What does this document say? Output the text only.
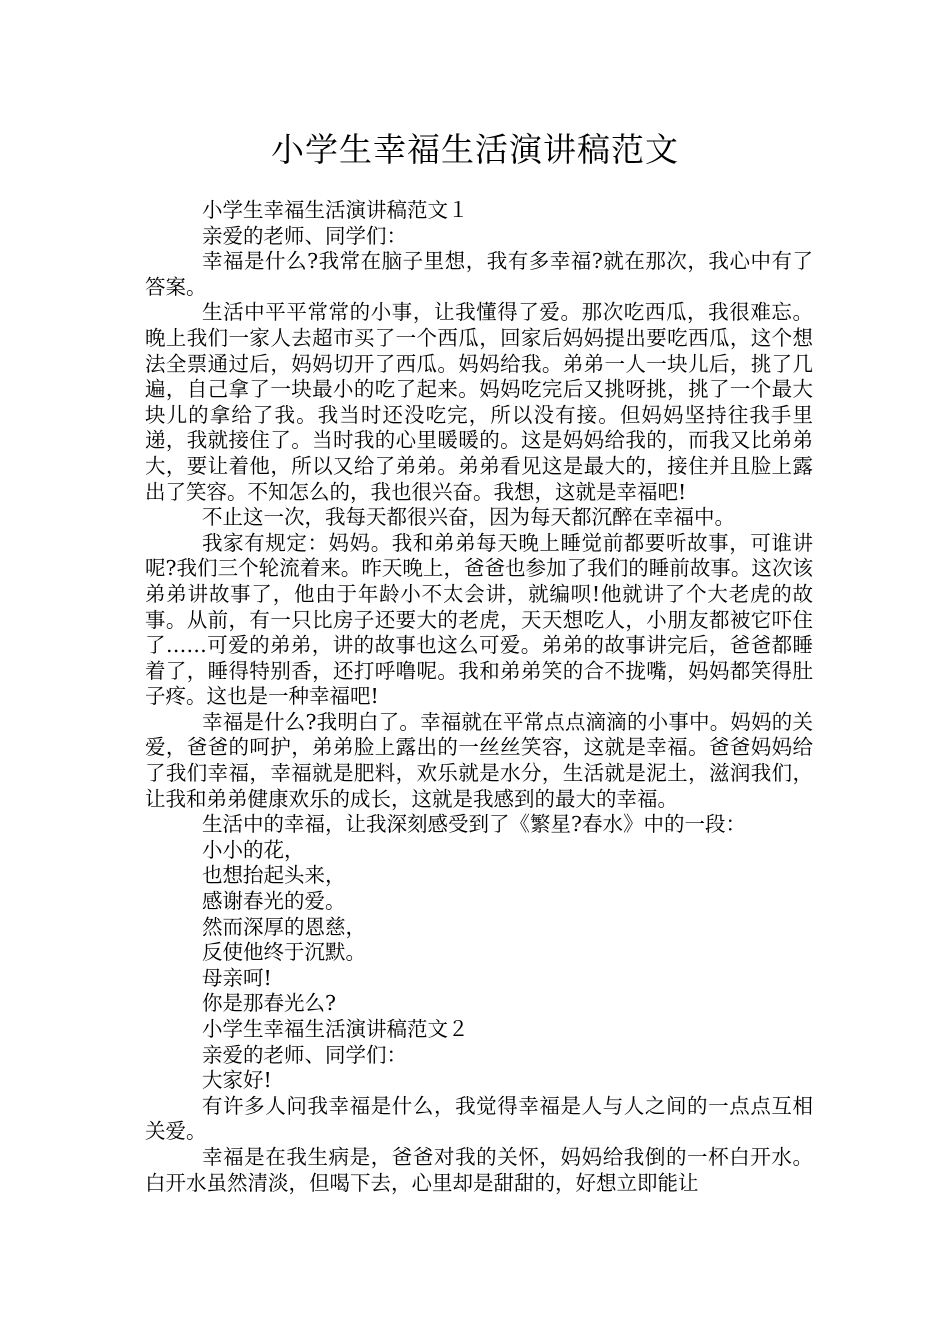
小学生幸福生活演讲稿范文

小学生幸福生活演讲稿范文１

亲爱的老师、同学们：

幸福是什么?我常在脑子里想，我有多幸福?就在那次，我心中有了答案。

生活中平平常常的小事，让我懂得了爱。那次吃西瓜，我很难忘。晚上我们一家人去超市买了一个西瓜，回家后妈妈提出要吃西瓜，这个想法全票通过后，妈妈切开了西瓜。妈妈给我。弟弟一人一块儿后，挑了几遍，自己拿了一块最小的吃了起来。妈妈吃完后又挑呀挑，挑了一个最大块儿的拿给了我。我当时还没吃完，所以没有接。但妈妈坚持往我手里递，我就接住了。当时我的心里暖暖的。这是妈妈给我的，而我又比弟弟大，要让着他，所以又给了弟弟。弟弟看见这是最大的，接住并且脸上露出了笑容。不知怎么的，我也很兴奋。我想，这就是幸福吧!

不止这一次，我每天都很兴奋，因为每天都沉醉在幸福中。

我家有规定：妈妈。我和弟弟每天晚上睡觉前都要听故事，可谁讲呢?我们三个轮流着来。昨天晚上，爸爸也参加了我们的睡前故事。这次该弟弟讲故事了，他由于年龄小不太会讲，就编呗!他就讲了个大老虎的故事。从前，有一只比房子还要大的老虎，天天想吃人，小朋友都被它吓住了……可爱的弟弟，讲的故事也这么可爱。弟弟的故事讲完后，爸爸都睡着了，睡得特别香，还打呼噜呢。我和弟弟笑的合不拢嘴，妈妈都笑得肚子疼。这也是一种幸福吧!

幸福是什么?我明白了。幸福就在平常点点滴滴的小事中。妈妈的关爱，爸爸的呵护，弟弟脸上露出的一丝丝笑容，这就是幸福。爸爸妈妈给了我们幸福，幸福就是肥料，欢乐就是水分，生活就是泥土，滋润我们，让我和弟弟健康欢乐的成长，这就是我感到的最大的幸福。

生活中的幸福，让我深刻感受到了《繁星?春水》中的一段：

小小的花，

也想抬起头来，

感谢春光的爱。

然而深厚的恩慈，

反使他终于沉默。

母亲呵!

你是那春光么?

小学生幸福生活演讲稿范文２

亲爱的老师、同学们：

大家好!

有许多人问我幸福是什么，我觉得幸福是人与人之间的一点点互相关爱。

幸福是在我生病是，爸爸对我的关怀，妈妈给我倒的一杯白开水。白开水虽然清淡，但喝下去，心里却是甜甜的，好想立即能让
